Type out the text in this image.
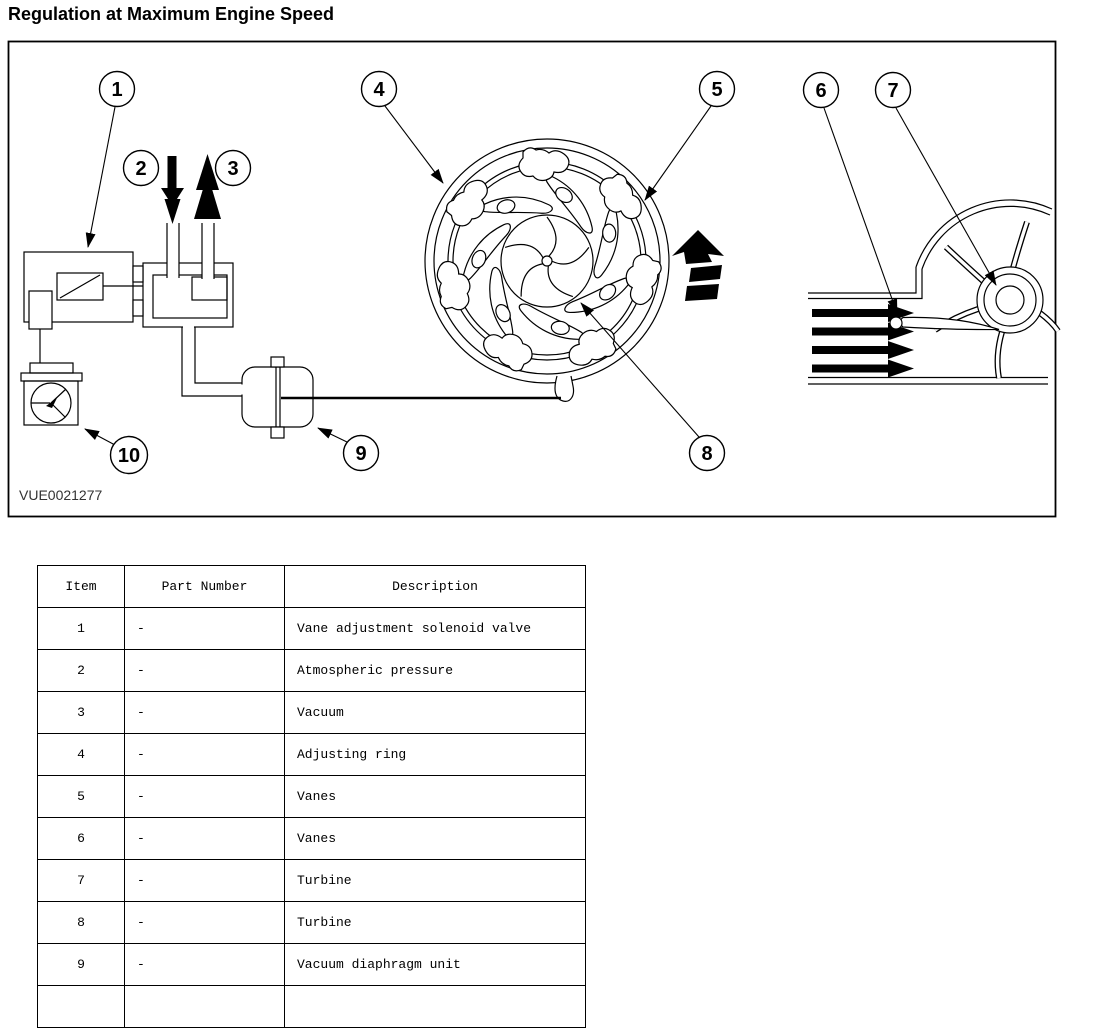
Regulation at Maximum Engine Speed
1
2	3
4	5	6	7
8
9
10
VUE0021277
Item	Part Number	Description
1	-	Vane adjustment solenoid valve
2	-	Atmospheric pressure
3	-	Vacuum
4	-	Adjusting ring
5	-	Vanes
6	-	Vanes
7	-	Turbine
8	-	Turbine
9	-	Vacuum diaphragm unit
